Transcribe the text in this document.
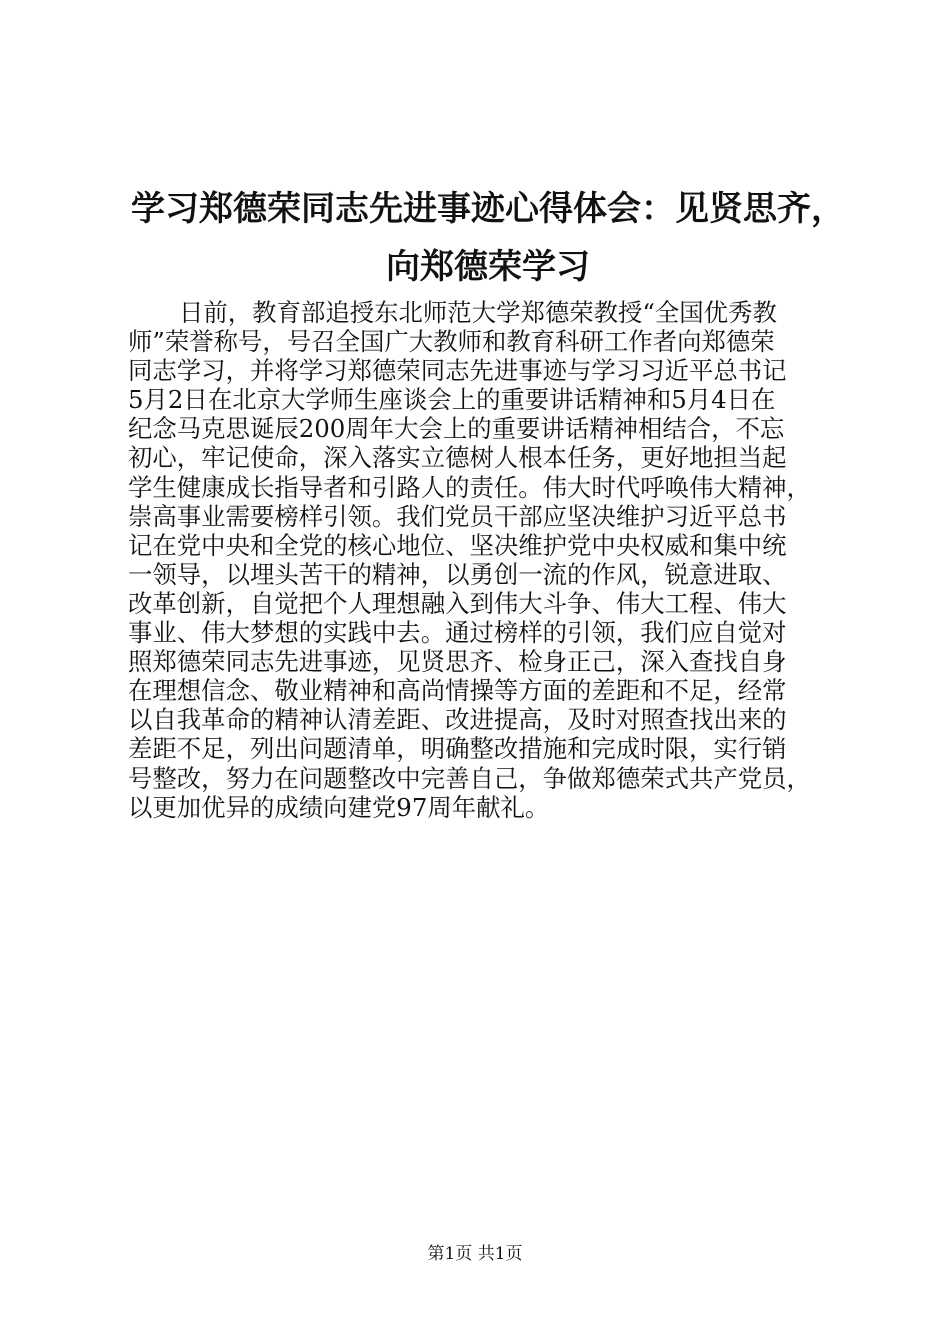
学习郑德荣同志先进事迹心得体会：见贤思齐，
向郑德荣学习
日前，教育部追授东北师范大学郑德荣教授“全国优秀教
师”荣誉称号，号召全国广大教师和教育科研工作者向郑德荣
同志学习，并将学习郑德荣同志先进事迹与学习习近平总书记
5月2日在北京大学师生座谈会上的重要讲话精神和5月4日在
纪念马克思诞辰200周年大会上的重要讲话精神相结合，不忘
初心，牢记使命，深入落实立德树人根本任务，更好地担当起
学生健康成长指导者和引路人的责任。伟大时代呼唤伟大精神，
崇高事业需要榜样引领。我们党员干部应坚决维护习近平总书
记在党中央和全党的核心地位、坚决维护党中央权威和集中统
一领导，以埋头苦干的精神，以勇创一流的作风，锐意进取、
改革创新，自觉把个人理想融入到伟大斗争、伟大工程、伟大
事业、伟大梦想的实践中去。通过榜样的引领，我们应自觉对
照郑德荣同志先进事迹，见贤思齐、检身正己，深入查找自身
在理想信念、敬业精神和高尚情操等方面的差距和不足，经常
以自我革命的精神认清差距、改进提高，及时对照查找出来的
差距不足，列出问题清单，明确整改措施和完成时限，实行销
号整改，努力在问题整改中完善自己，争做郑德荣式共产党员，
以更加优异的成绩向建党97周年献礼。
第1页 共1页
